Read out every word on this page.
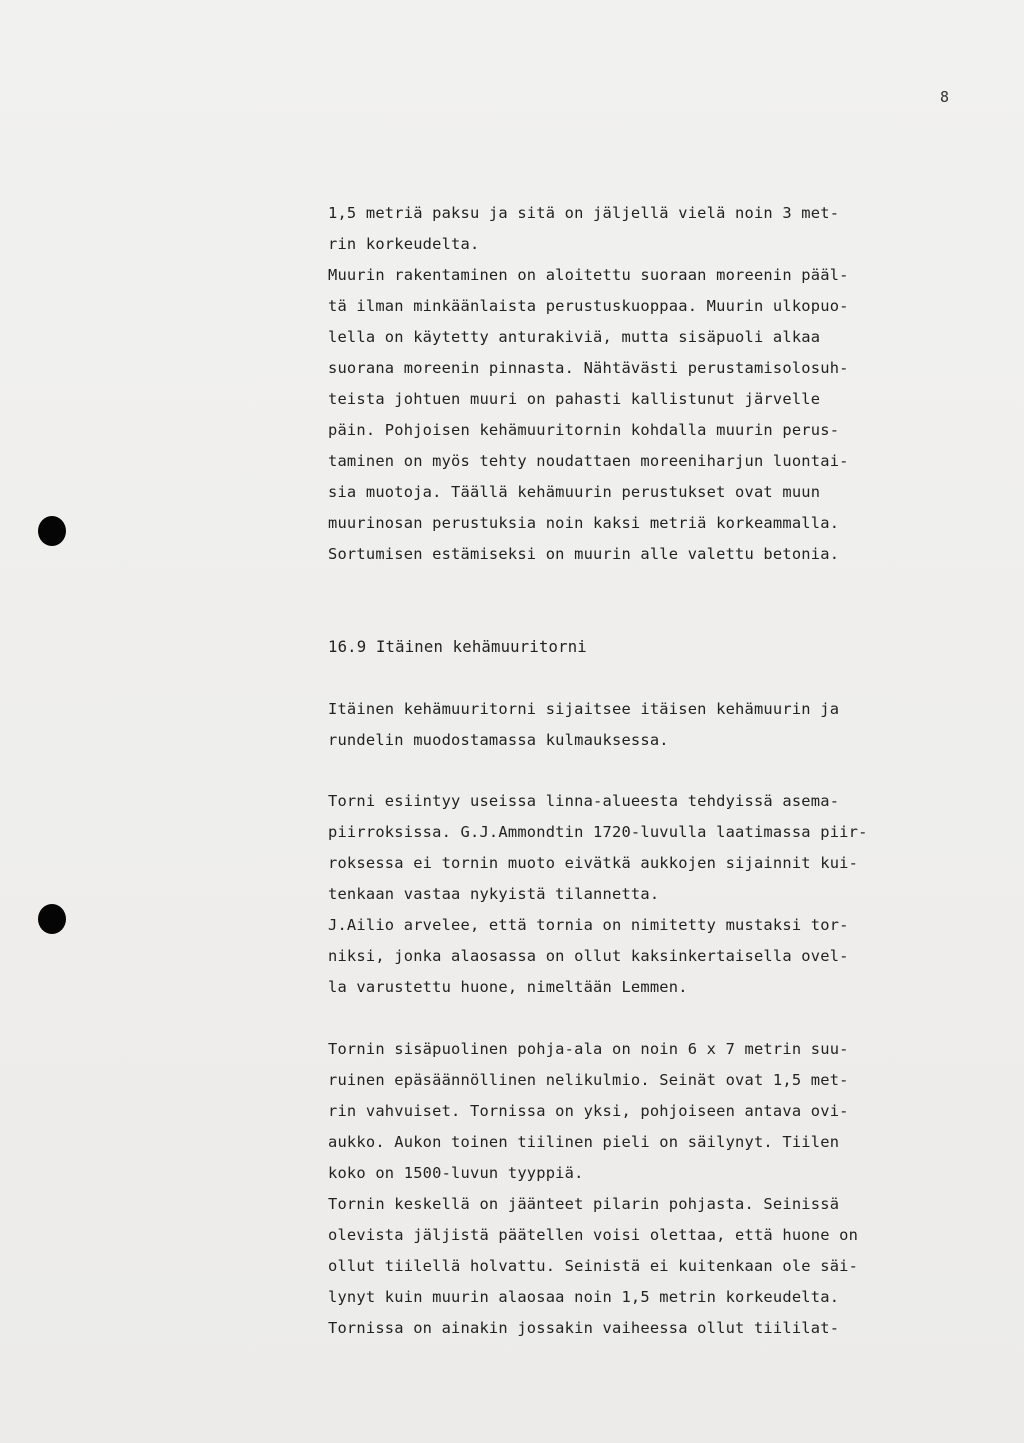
​
8
1,5 metriä paksu ja sitä on jäljellä vielä noin 3 met-
rin korkeudelta.
Muurin rakentaminen on aloitettu suoraan moreenin pääl-
tä ilman minkäänlaista perustuskuoppaa. Muurin ulkopuo-
lella on käytetty anturakiviä, mutta sisäpuoli alkaa
suorana moreenin pinnasta. Nähtävästi perustamisolosuh-
teista johtuen muuri on pahasti kallistunut järvelle
päin. Pohjoisen kehämuuritornin kohdalla muurin perus-
taminen on myös tehty noudattaen moreeniharjun luontai-
sia muotoja. Täällä kehämuurin perustukset ovat muun
muurinosan perustuksia noin kaksi metriä korkeammalla.
Sortumisen estämiseksi on muurin alle valettu betonia.
16.9 Itäinen kehämuuritorni
Itäinen kehämuuritorni sijaitsee itäisen kehämuurin ja
rundelin muodostamassa kulmauksessa.
Torni esiintyy useissa linna-alueesta tehdyissä asema-
piirroksissa. G.J.Ammondtin 1720-luvulla laatimassa piir-
roksessa ei tornin muoto eivätkä aukkojen sijainnit kui-
tenkaan vastaa nykyistä tilannetta.
J.Ailio arvelee, että tornia on nimitetty mustaksi tor-
niksi, jonka alaosassa on ollut kaksinkertaisella ovel-
la varustettu huone, nimeltään Lemmen.
Tornin sisäpuolinen pohja-ala on noin 6 x 7 metrin suu-
ruinen epäsäännöllinen nelikulmio. Seinät ovat 1,5 met-
rin vahvuiset. Tornissa on yksi, pohjoiseen antava ovi-
aukko. Aukon toinen tiilinen pieli on säilynyt. Tiilen
koko on 1500-luvun tyyppiä.
Tornin keskellä on jäänteet pilarin pohjasta. Seinissä
olevista jäljistä päätellen voisi olettaa, että huone on
ollut tiilellä holvattu. Seinistä ei kuitenkaan ole säi-
lynyt kuin muurin alaosaa noin 1,5 metrin korkeudelta.
Tornissa on ainakin jossakin vaiheessa ollut tiililat-
